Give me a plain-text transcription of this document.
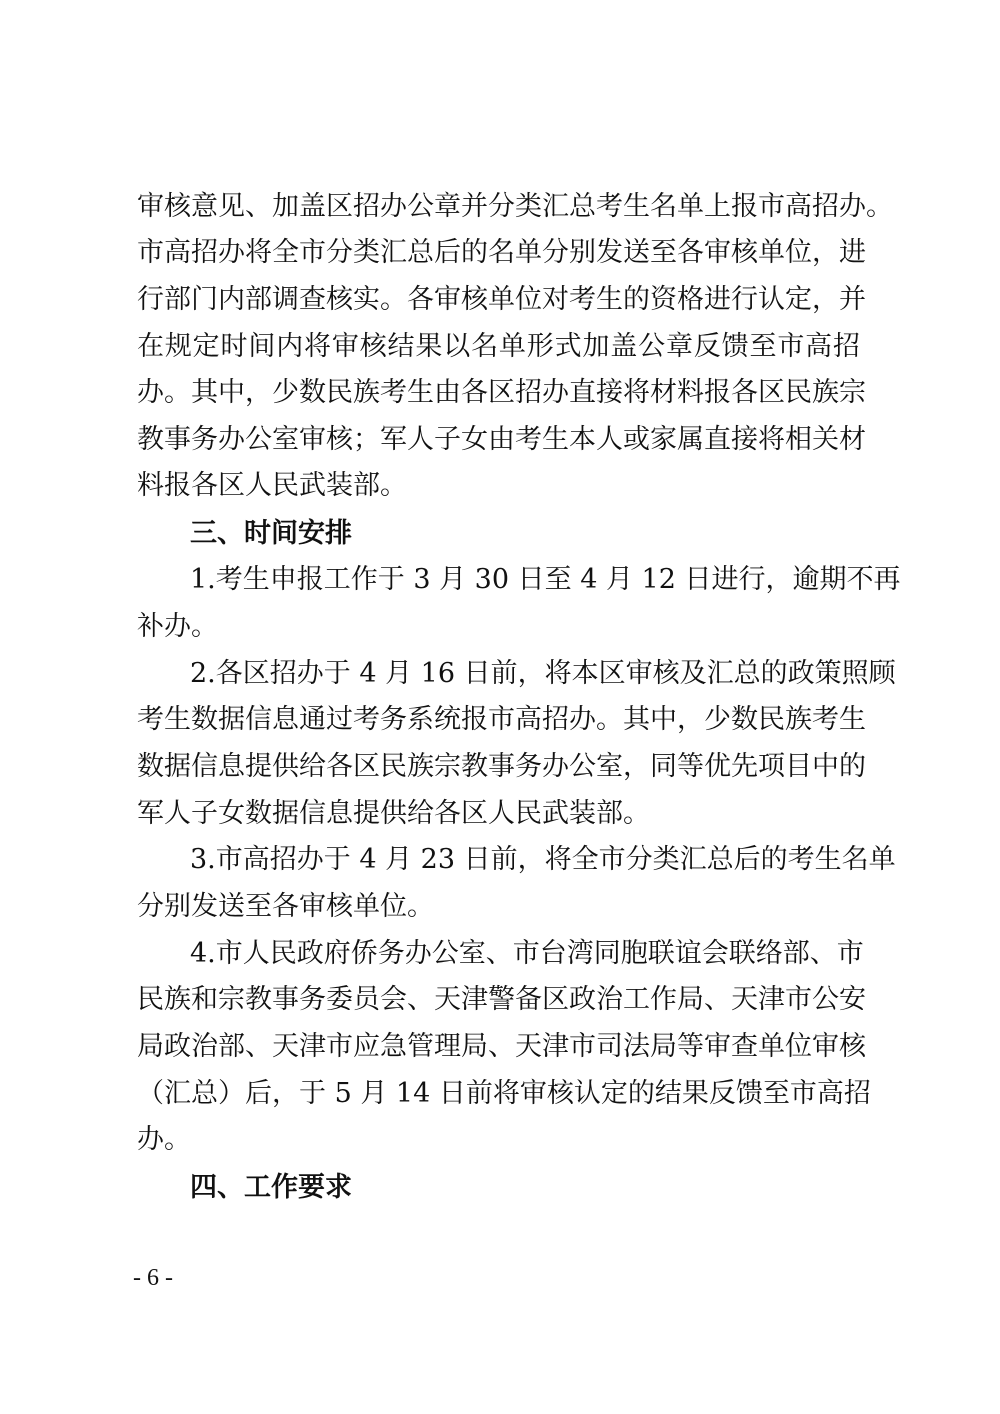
审核意见、加盖区招办公章并分类汇总考生名单上报市高招办。
市高招办将全市分类汇总后的名单分别发送至各审核单位，进
行部门内部调查核实。各审核单位对考生的资格进行认定，并
在规定时间内将审核结果以名单形式加盖公章反馈至市高招
办。其中，少数民族考生由各区招办直接将材料报各区民族宗
教事务办公室审核；军人子女由考生本人或家属直接将相关材
料报各区人民武装部。
三、时间安排
1.考生申报工作于 3 月 30 日至 4 月 12 日进行，逾期不再
补办。
2.各区招办于 4 月 16 日前，将本区审核及汇总的政策照顾
考生数据信息通过考务系统报市高招办。其中，少数民族考生
数据信息提供给各区民族宗教事务办公室，同等优先项目中的
军人子女数据信息提供给各区人民武装部。
3.市高招办于 4 月 23 日前，将全市分类汇总后的考生名单
分别发送至各审核单位。
4.市人民政府侨务办公室、市台湾同胞联谊会联络部、市
民族和宗教事务委员会、天津警备区政治工作局、天津市公安
局政治部、天津市应急管理局、天津市司法局等审查单位审核
（汇总）后，于 5 月 14 日前将审核认定的结果反馈至市高招
办。
四、工作要求
- 6 -
